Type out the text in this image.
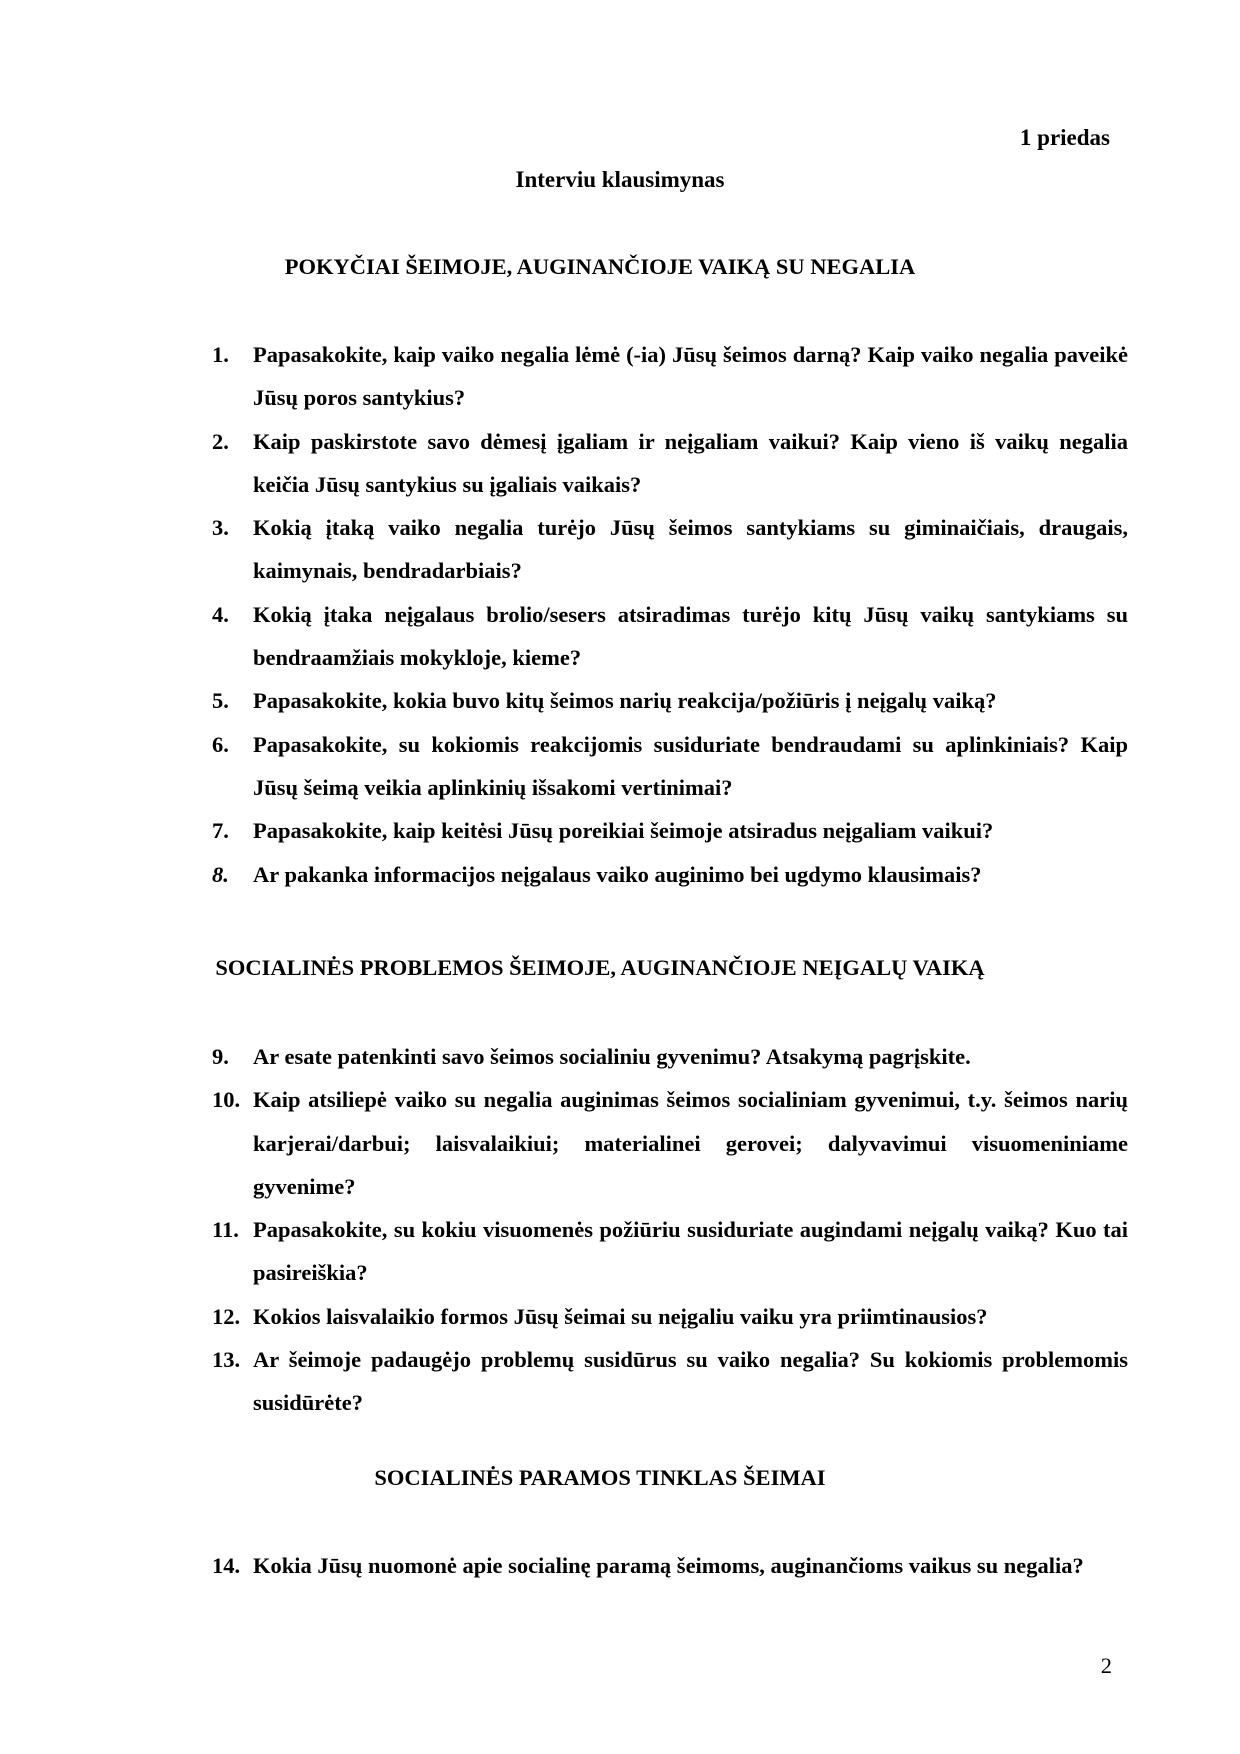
1 priedas
Interviu klausimynas
POKYČIAI ŠEIMOJE, AUGINANČIOJE VAIKĄ SU NEGALIA
1. Papasakokite, kaip vaiko negalia lėmė (-ia) Jūsų šeimos darną? Kaip vaiko negalia paveikė Jūsų poros santykius?
2. Kaip paskirstote savo dėmesį įgaliam ir neįgaliam vaikui? Kaip vieno iš vaikų negalia keičia Jūsų santykius su įgaliais vaikais?
3. Kokią įtaką vaiko negalia turėjo Jūsų šeimos santykiams su giminaičiais, draugais, kaimynais, bendradarbiais?
4. Kokią įtaka neįgalaus brolio/sesers atsiradimas turėjo kitų Jūsų vaikų santykiams su bendraamžiais mokykloje, kieme?
5. Papasakokite, kokia buvo kitų šeimos narių reakcija/požiūris į neįgalų vaiką?
6. Papasakokite, su kokiomis reakcijomis susiduriate bendraudami su aplinkiniais? Kaip Jūsų šeimą veikia aplinkinių išsakomi vertinimai?
7. Papasakokite, kaip keitėsi Jūsų poreikiai šeimoje atsiradus neįgaliam vaikui?
8. Ar pakanka informacijos neįgalaus vaiko auginimo bei ugdymo klausimais?
SOCIALINĖS PROBLEMOS ŠEIMOJE, AUGINANČIOJE NEĮGALŲ VAIKĄ
9. Ar esate patenkinti savo šeimos socialiniu gyvenimu? Atsakymą pagrįskite.
10. Kaip atsiliepė vaiko su negalia auginimas šeimos socialiniam gyvenimui, t.y. šeimos narių karjerai/darbui; laisvalaikiui; materialinei gerovei; dalyvavimui visuomeniniame gyvenime?
11. Papasakokite, su kokiu visuomenės požiūriu susiduriate augindami neįgalų vaiką? Kuo tai pasireiškia?
12. Kokios laisvalaikio formos Jūsų šeimai su neįgaliu vaiku yra priimtinausios?
13. Ar šeimoje padaugėjo problemų susidūrus su vaiko negalia? Su kokiomis problemomis susidūrėte?
SOCIALINĖS PARAMOS TINKLAS ŠEIMAI
14. Kokia Jūsų nuomonė apie socialinę paramą šeimoms, auginančioms vaikus su negalia?
2
